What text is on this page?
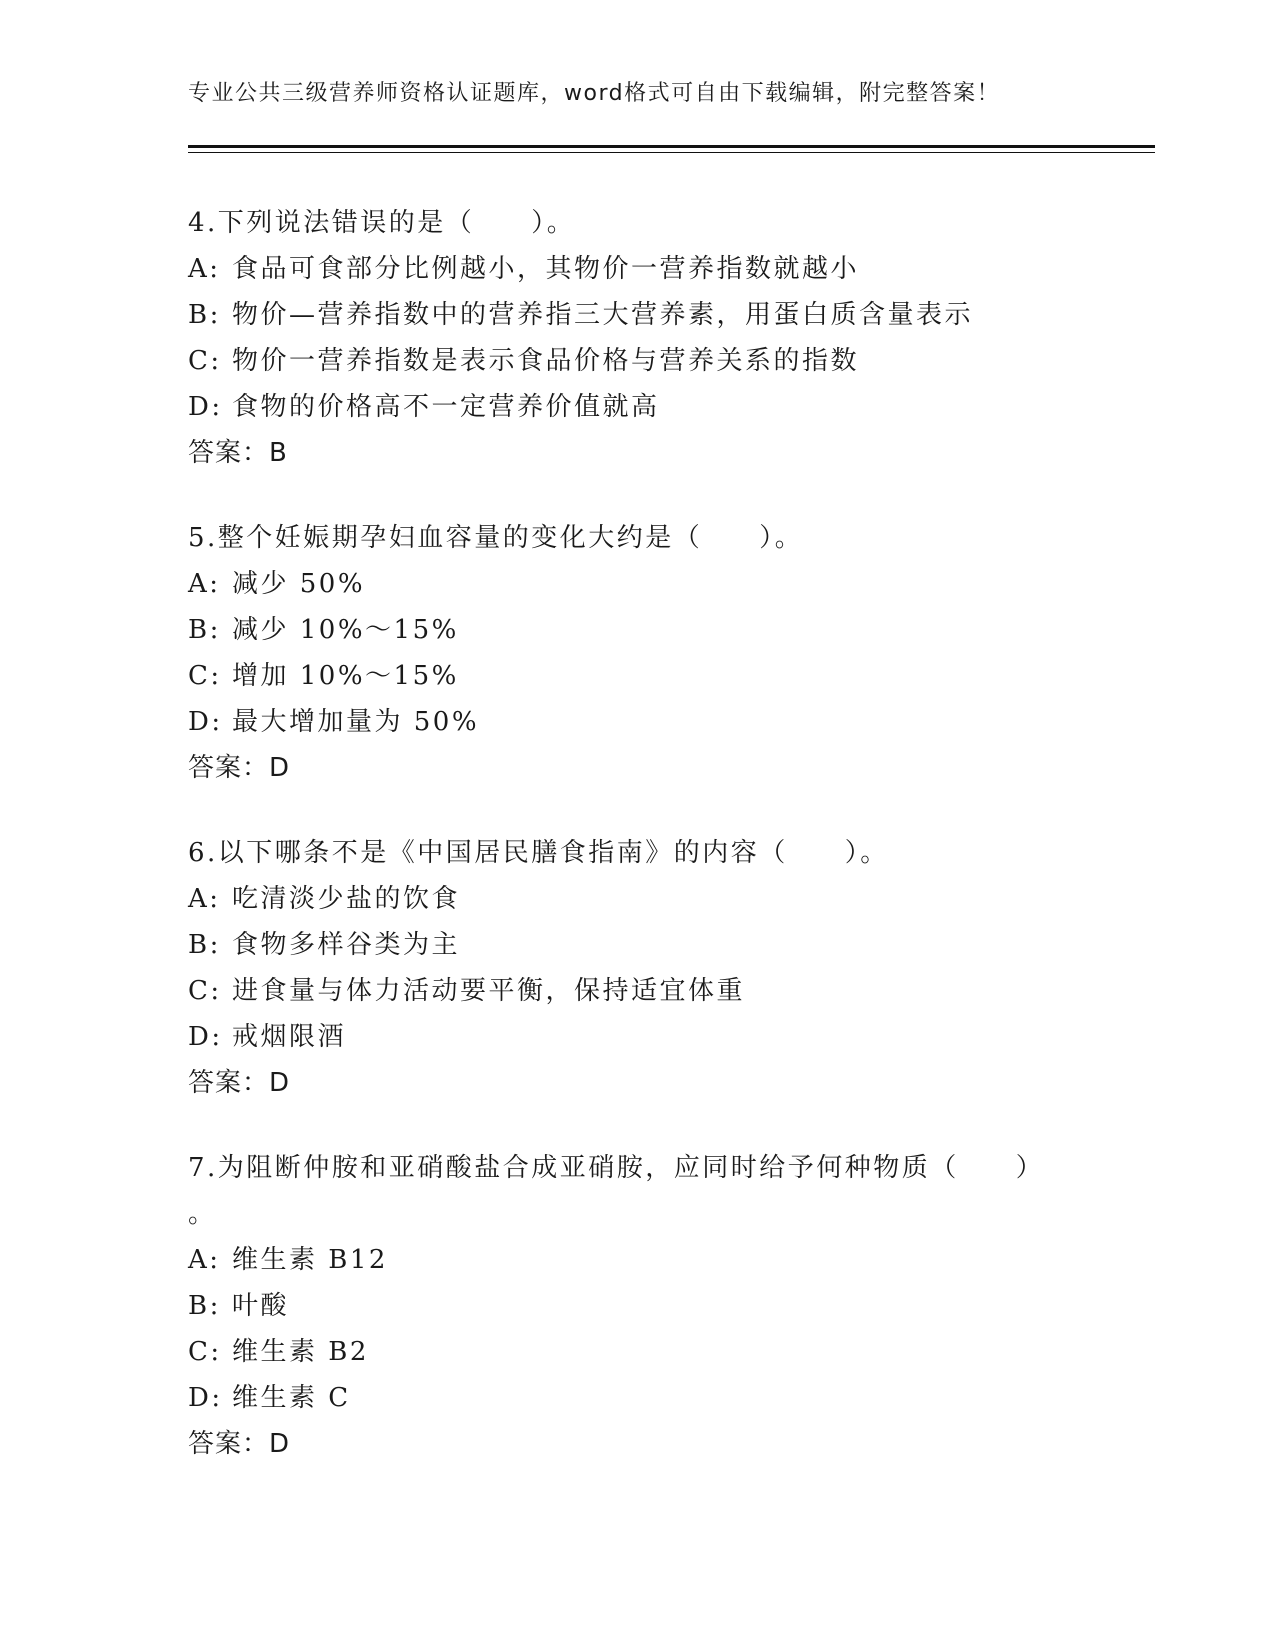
专业公共三级营养师资格认证题库，word格式可自由下载编辑，附完整答案！
4.下列说法错误的是（　　）。
A: 食品可食部分比例越小，其物价一营养指数就越小
B: 物价—营养指数中的营养指三大营养素，用蛋白质含量表示
C: 物价一营养指数是表示食品价格与营养关系的指数
D: 食物的价格高不一定营养价值就高
答案：B
5.整个妊娠期孕妇血容量的变化大约是（　　）。
A: 减少 50%
B: 减少 10%～15%
C: 增加 10%～15%
D: 最大增加量为 50%
答案：D
6.以下哪条不是《中国居民膳食指南》的内容（　　）。
A: 吃清淡少盐的饮食
B: 食物多样谷类为主
C: 进食量与体力活动要平衡，保持适宜体重
D: 戒烟限酒
答案：D
7.为阻断仲胺和亚硝酸盐合成亚硝胺，应同时给予何种物质（　　）
。
A: 维生素 B12
B: 叶酸
C: 维生素 B2
D: 维生素 C
答案：D
